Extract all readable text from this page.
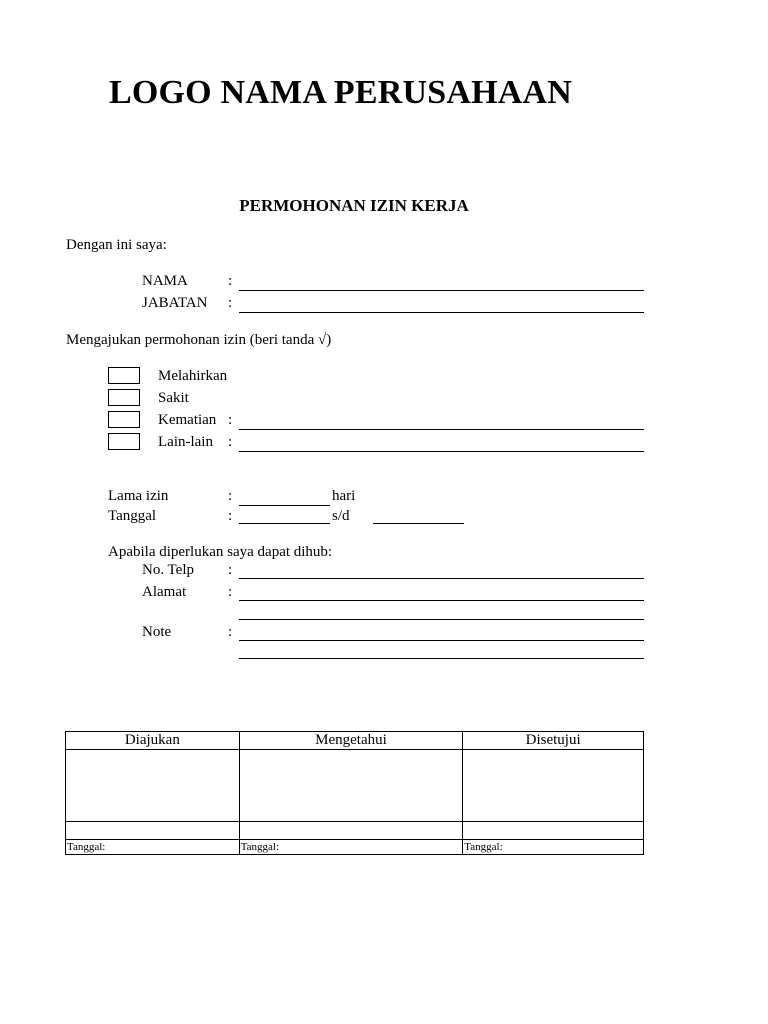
LOGO NAMA PERUSAHAAN
PERMOHONAN IZIN KERJA
Dengan ini saya:
NAMA	:
JABATAN :
Mengajukan permohonan izin (beri tanda √)
Melahirkan
Sakit
Kematian :
Lain-lain :
Lama izin	:	hari
Tanggal	:	s/d
Apabila diperlukan saya dapat dihub:
No. Telp :
Alamat	:
Note	:
Diajukan	Mengetahui	Disetujui

Tanggal:	Tanggal:	Tanggal:
